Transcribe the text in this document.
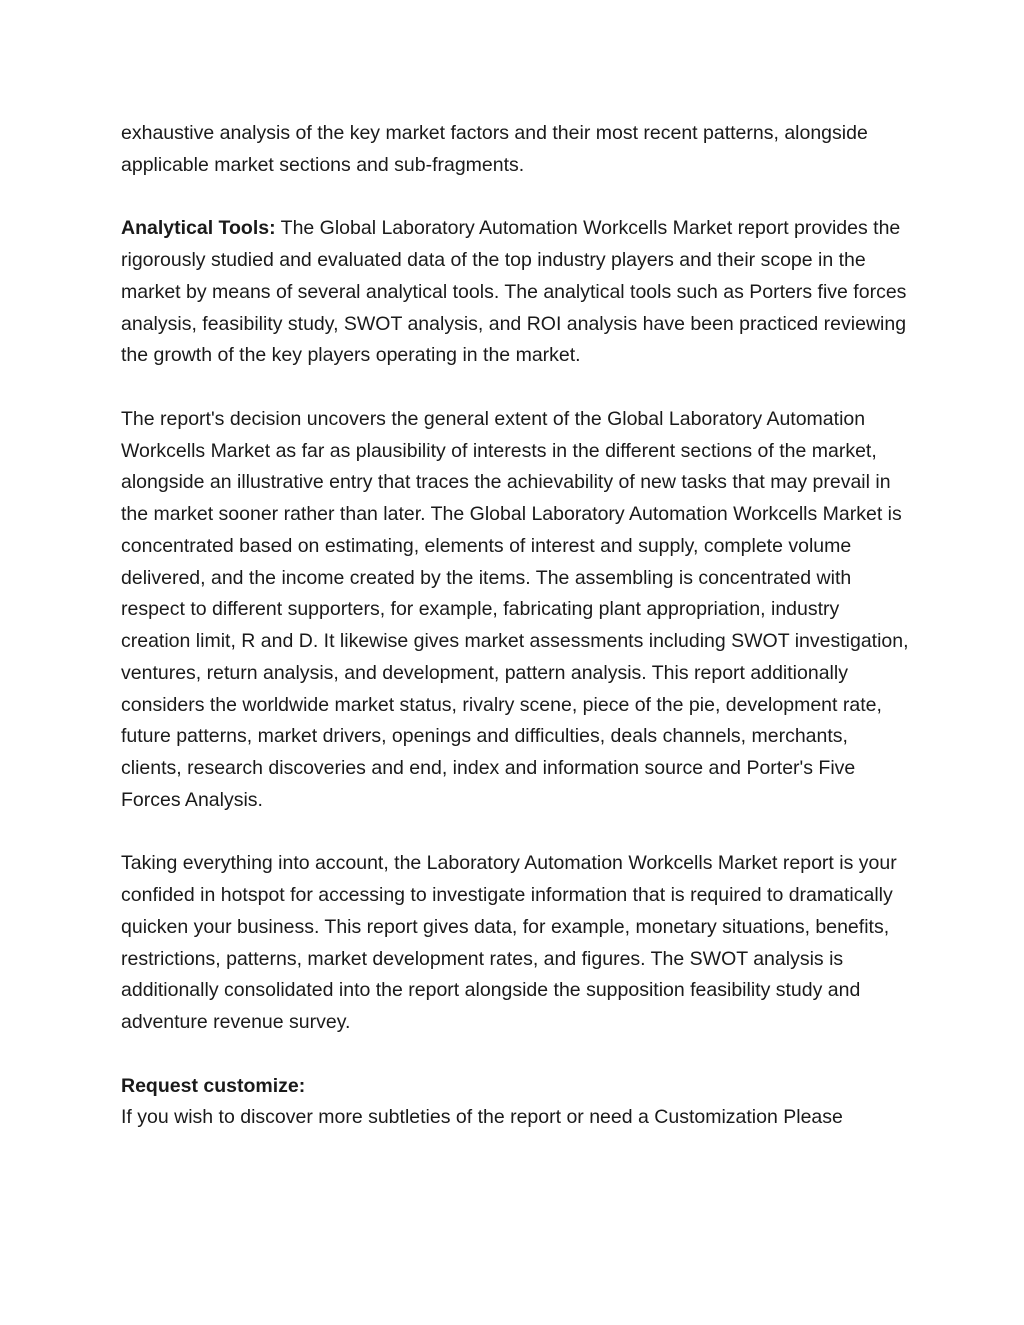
exhaustive analysis of the key market factors and their most recent patterns, alongside applicable market sections and sub-fragments.

Analytical Tools: The Global Laboratory Automation Workcells Market report provides the rigorously studied and evaluated data of the top industry players and their scope in the market by means of several analytical tools. The analytical tools such as Porters five forces analysis, feasibility study, SWOT analysis, and ROI analysis have been practiced reviewing the growth of the key players operating in the market.

The report's decision uncovers the general extent of the Global Laboratory Automation Workcells Market as far as plausibility of interests in the different sections of the market, alongside an illustrative entry that traces the achievability of new tasks that may prevail in the market sooner rather than later. The Global Laboratory Automation Workcells Market is concentrated based on estimating, elements of interest and supply, complete volume delivered, and the income created by the items. The assembling is concentrated with respect to different supporters, for example, fabricating plant appropriation, industry creation limit, R and D. It likewise gives market assessments including SWOT investigation, ventures, return analysis, and development, pattern analysis. This report additionally considers the worldwide market status, rivalry scene, piece of the pie, development rate, future patterns, market drivers, openings and difficulties, deals channels, merchants, clients, research discoveries and end, index and information source and Porter's Five Forces Analysis.

Taking everything into account, the Laboratory Automation Workcells Market report is your confided in hotspot for accessing to investigate information that is required to dramatically quicken your business. This report gives data, for example, monetary situations, benefits, restrictions, patterns, market development rates, and figures. The SWOT analysis is additionally consolidated into the report alongside the supposition feasibility study and adventure revenue survey.

Request customize:
If you wish to discover more subtleties of the report or need a Customization Please
